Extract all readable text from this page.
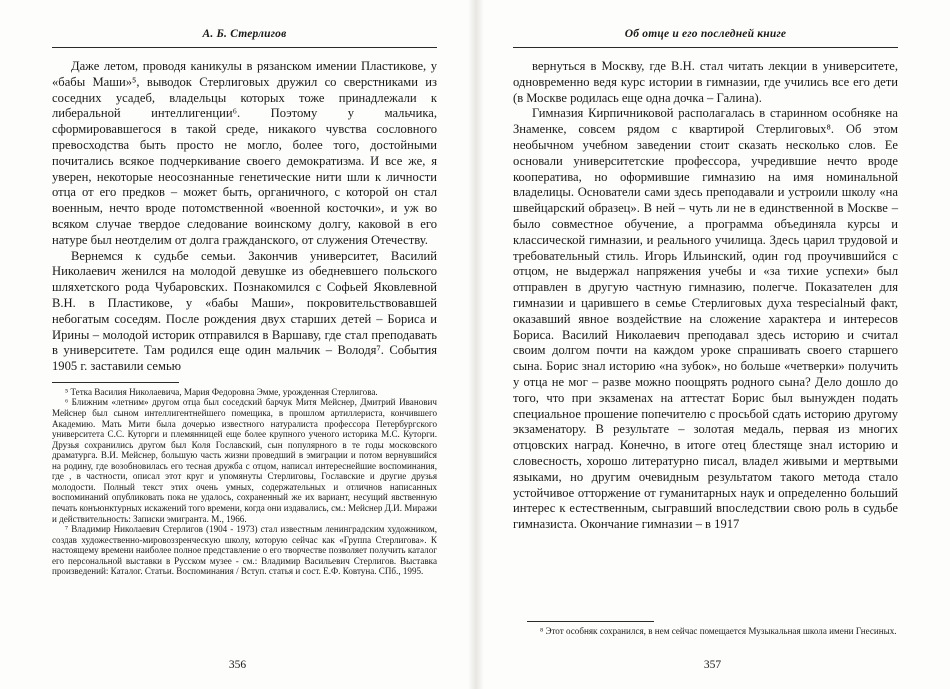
А. Б. Стерлигов

Даже летом, проводя каникулы в рязанском имении Пластикове, у «бабы Маши»⁵, выводок Стерлиговых дружил со сверстниками из соседних усадеб, владельцы которых тоже принадлежали к либеральной интеллигенции⁶. Поэтому у мальчика, сформировавшегося в такой среде, никакого чувства сословного превосходства быть просто не могло, более того, достойными почитались всякое подчеркивание своего демократизма. И все же, я уверен, некоторые неосознанные генетические нити шли к личности отца от его предков – может быть, органичного, с которой он стал военным, нечто вроде потомственной «военной косточки», и уж во всяком случае твердое следование воинскому долгу, каковой в его натуре был неотделим от долга гражданского, от служения Отечеству.

Вернемся к судьбе семьи. Закончив университет, Василий Николаевич женился на молодой девушке из обедневшего польского шляхетского рода Чубаровских. Познакомился с Софьей Яковлевной В.Н. в Пластикове, у «бабы Маши», покровительствовавшей небогатым соседям. После рождения двух старших детей – Бориса и Ирины – молодой историк отправился в Варшаву, где стал преподавать в университете. Там родился еще один мальчик – Володя⁷. События 1905 г. заставили семью

⁵ Тетка Василия Николаевича, Мария Федоровна Эмме, урожденная Стерлигова.

⁶ Ближним «летним» другом отца был соседский барчук Митя Мейснер, Дмитрий Иванович Мейснер был сыном интеллигентнейшего помещика, в прошлом артиллериста, кончившего Академию. Мать Мити была дочерью известного натуралиста профессора Петербургского университета С.С. Куторги и племянницей еще более крупного ученого историка М.С. Куторги. Друзья сохранились другом был Коля Гославский, сын популярного в те годы московского драматурга. В.И. Мейснер, большую часть жизни проведший в эмиграции и потом вернувшийся на родину, где возобновилась его тесная дружба с отцом, написал интереснейшие воспоминания, где , в частности, описал этот круг и упомянуты Стерлиговы, Гославские и другие друзья молодости. Полный текст этих очень умных, содержательных и отличнов написанных воспоминаний опубликовать пока не удалось, сохраненный же их вариант, несущий явственную печать конъюнктурных искажений того времени, когда они издавались, см.: Мейснер Д.И. Миражи и действительность: Записки эмигранта. М., 1966.

⁷ Владимир Николаевич Стерлигов (1904 - 1973) стал известным ленинградским художником, создав художественно-мировоззренческую школу, которую сейчас как «Группа Стерлигова». К настоящему времени наиболее полное представление о его творчестве позволяет получить каталог его персональной выставки в Русском музее - см.: Владимир Васильевич Стерлигов. Выставка произведений: Каталог. Статьи. Воспоминания / Вступ. статья и сост. Е.Ф. Ковтуна. СПб., 1995.

Об отце и его последней книге

вернуться в Москву, где В.Н. стал читать лекции в университете, одновременно ведя курс истории в гимназии, где учились все его дети (в Москве родилась еще одна дочка – Галина).

Гимназия Кирпичниковой располагалась в старинном особняке на Знаменке, совсем рядом с квартирой Стерлиговых⁸. Об этом необычном учебном заведении стоит сказать несколько слов. Ее основали университетские профессора, учредившие нечто вроде кооператива, но оформившие гимназию на имя номинальной владелицы. Основатели сами здесь преподавали и устроили школу «на швейцарский образец». В ней – чуть ли не в единственной в Москве – было совместное обучение, а программа объединяла курсы и классической гимназии, и реального училища. Здесь царил трудовой и требовательный стиль. Игорь Ильинский, один год проучившийся с отцом, не выдержал напряжения учебы и «за тихие успехи» был отправлен в другую частную гимназию, полегче. Показателен для гимназии и царившего в семье Стерлиговых духа тespecialный факт, оказавший явное воздействие на сложение характера и интересов Бориса. Василий Николаевич преподавал здесь историю и считал своим долгом почти на каждом уроке спрашивать своего старшего сына. Борис знал историю «на зубок», но больше «четверки» получить у отца не мог – разве можно поощрять родного сына? Дело дошло до того, что при экзаменах на аттестат Борис был вынужден подать специальное прошение попечителю с просьбой сдать историю другому экзаменатору. В результате – золотая медаль, первая из многих отцовских наград. Конечно, в итоге отец блестяще знал историю и словесность, хорошо литературно писал, владел живыми и мертвыми языками, но другим очевидным результатом такого метода стало устойчивое отторжение от гуманитарных наук и определенно больший интерес к естественным, сыгравший впоследствии свою роль в судьбе гимназиста. Окончание гимназии – в 1917

⁸ Этот особняк сохранился, в нем сейчас помещается Музыкальная школа имени Гнесиных.

356	357
